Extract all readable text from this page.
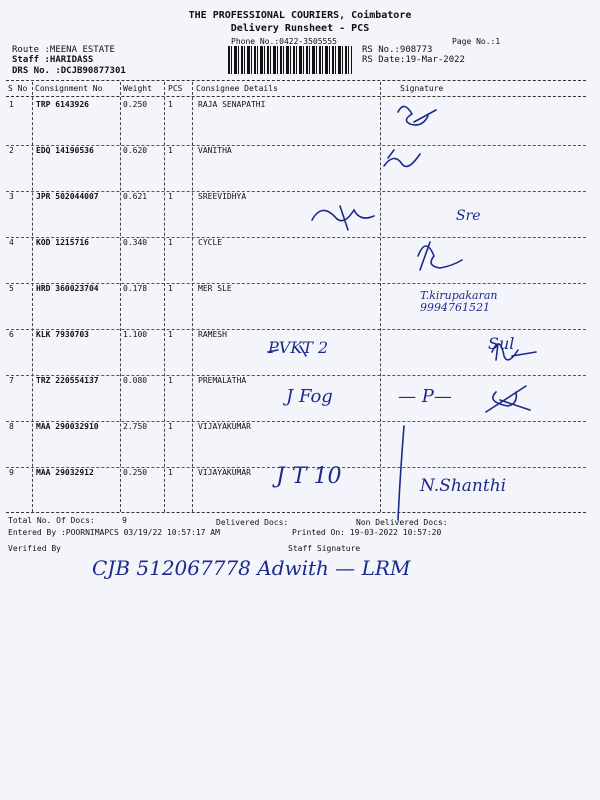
THE PROFESSIONAL COURIERS, Coimbatore
Delivery Runsheet - PCS
Phone No.:0422-3505555	Page No.:1
Route :MEENA ESTATE
Staff :HARIDASS
DRS No. :DCJB90877301
RS No.:908773
RS Date:19-Mar-2022
S No Consignment No	Weight PCS Consignee Details	Signature
1	TRP 6143926	0.250	1	RAJA SENAPATHI
2	EDQ 14190536	0.620	1	VANITHA
3	JPR 502044007	0.621	1	SREEVIDHYA
4	KOD 1215716	0.340	1	CYCLE
5	HRD 360023704	0.178	1	MER SLE
6	KLK 7930703	1.100	1	RAMESH
7	TRZ 220554137	0.080	1	PREMALATHA
8	MAA 290032910	2.750	1	VIJAYAKUMAR
9	MAA 29032912	0.250	1	VIJAYAKUMAR
T.kirupakaran 9994761521
PVKT 2	Sul
J Fog	— P—
Sre
J T 10	N.Shanthi
Total No. Of Docs:	9	Delivered Docs:	Non Delivered Docs:
Entered By :POORNIMAPCS 03/19/22 10:57:17 AM	Printed On: 19-03-2022 10:57:20
Verified By	Staff Signature
CJB 512067778 Adwith — LRM
